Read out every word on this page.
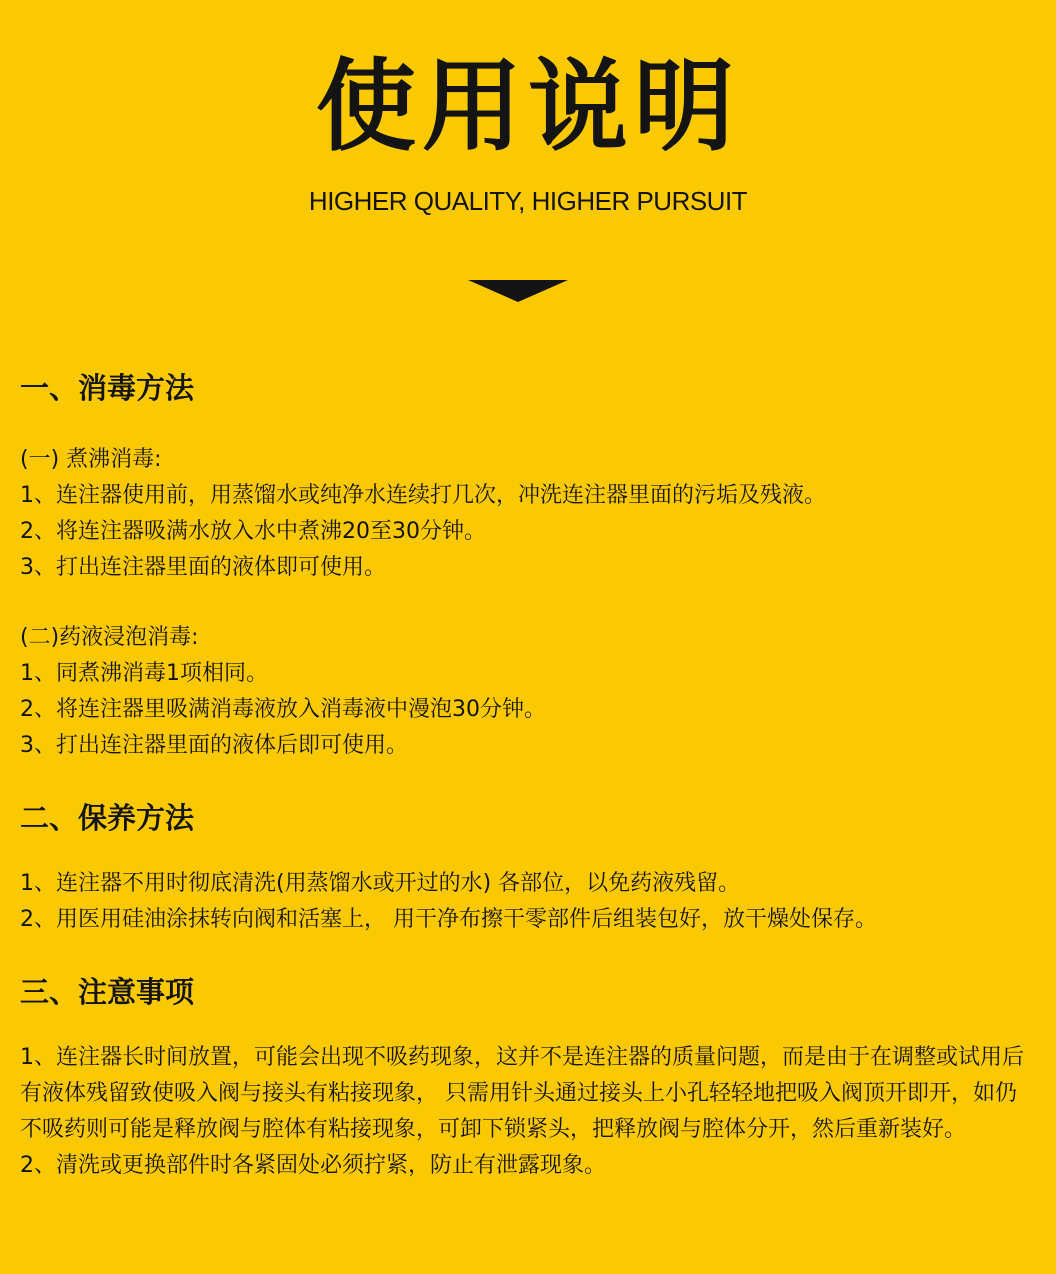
使用说明
HIGHER QUALITY, HIGHER PURSUIT
一、消毒方法
(一) 煮沸消毒:
1、连注器使用前，用蒸馏水或纯净水连续打几次，冲洗连注器里面的污垢及残液。
2、将连注器吸满水放入水中煮沸20至30分钟。
3、打出连注器里面的液体即可使用。
(二)药液浸泡消毒:
1、同煮沸消毒1项相同。
2、将连注器里吸满消毒液放入消毒液中漫泡30分钟。
3、打出连注器里面的液体后即可使用。
二、保养方法
1、连注器不用时彻底清洗(用蒸馏水或开过的水) 各部位，以免药液残留。
2、用医用硅油涂抹转向阀和活塞上， 用干净布擦干零部件后组装包好，放干燥处保存。
三、注意事项
1、连注器长时间放置，可能会出现不吸药现象，这并不是连注器的质量问题，而是由于在调整或试用后有液体残留致使吸入阀与接头有粘接现象， 只需用针头通过接头上小孔轻轻地把吸入阀顶开即开，如仍不吸药则可能是释放阀与腔体有粘接现象，可卸下锁紧头，把释放阀与腔体分开，然后重新装好。
2、清洗或更换部件时各紧固处必须拧紧，防止有泄露现象。
